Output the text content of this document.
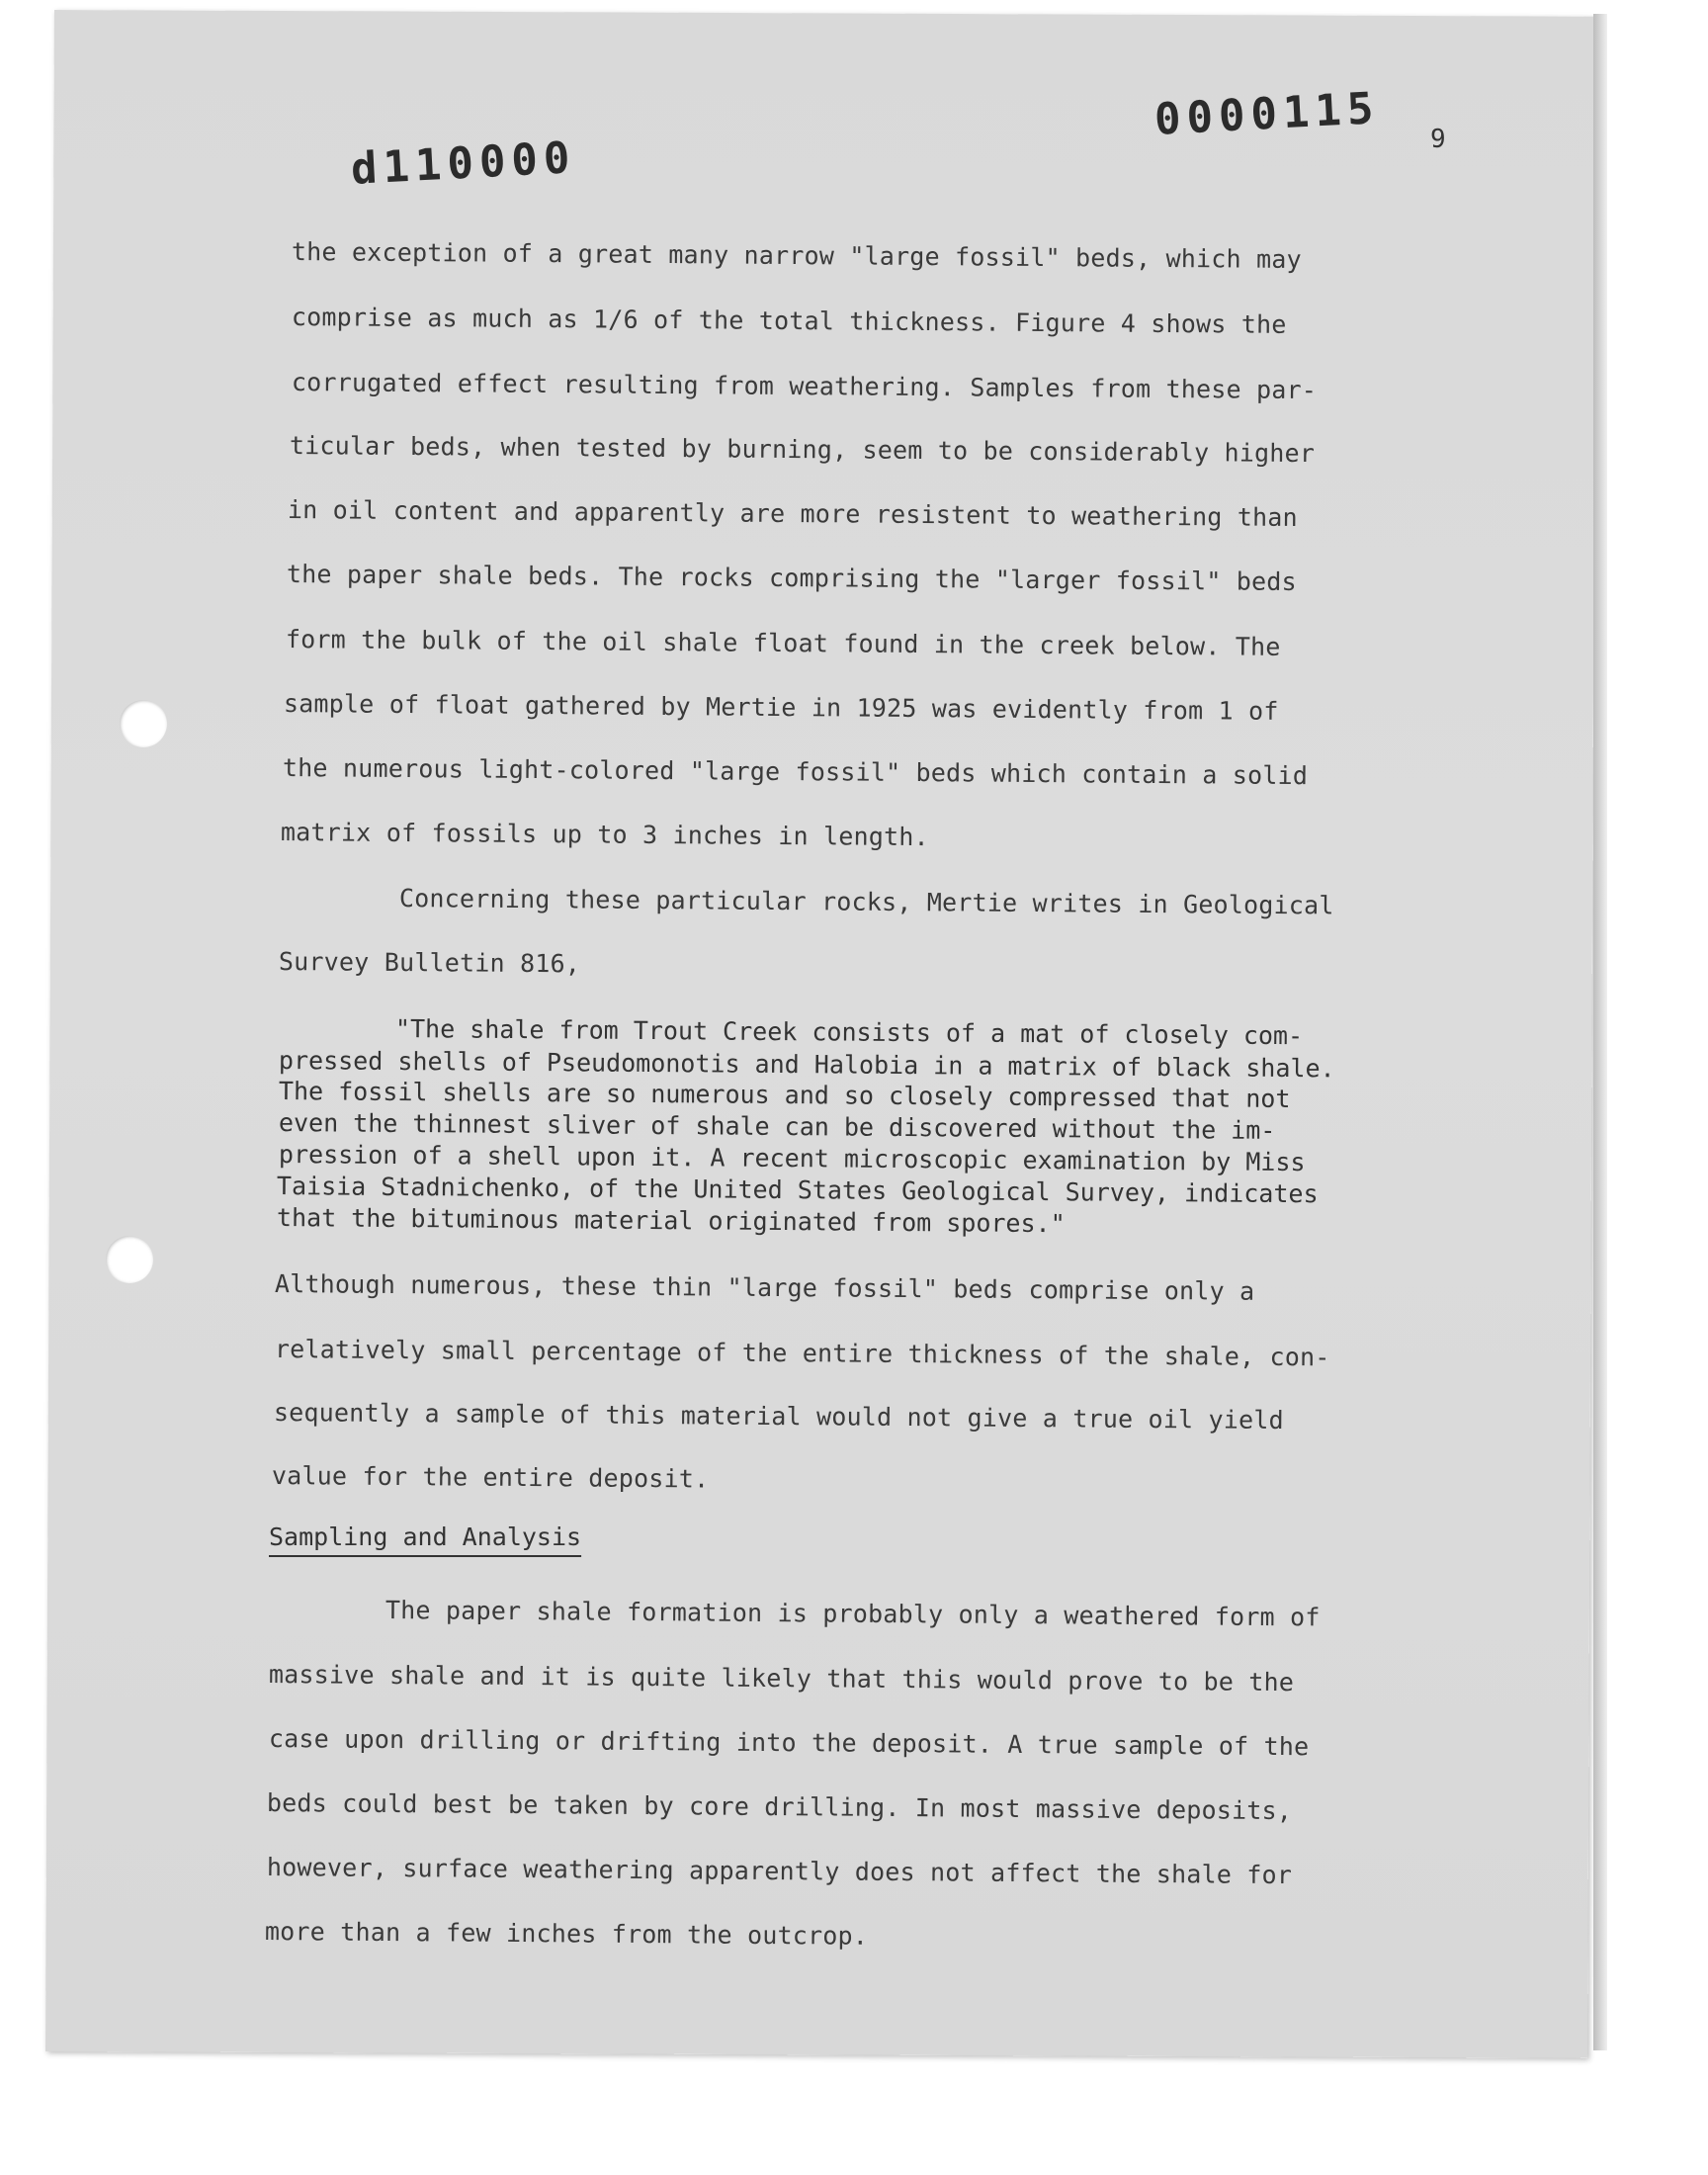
d110000
0000115 9
the exception of a great many narrow "large fossil" beds, which may
comprise as much as 1/6 of the total thickness. Figure 4 shows the
corrugated effect resulting from weathering. Samples from these par-
ticular beds, when tested by burning, seem to be considerably higher
in oil content and apparently are more resistent to weathering than
the paper shale beds. The rocks comprising the "larger fossil" beds
form the bulk of the oil shale float found in the creek below. The
sample of float gathered by Mertie in 1925 was evidently from 1 of
the numerous light-colored "large fossil" beds which contain a solid
matrix of fossils up to 3 inches in length.
Concerning these particular rocks, Mertie writes in Geological
Survey Bulletin 816,
"The shale from Trout Creek consists of a mat of closely com-
pressed shells of Pseudomonotis and Halobia in a matrix of black shale.
The fossil shells are so numerous and so closely compressed that not
even the thinnest sliver of shale can be discovered without the im-
pression of a shell upon it. A recent microscopic examination by Miss
Taisia Stadnichenko, of the United States Geological Survey, indicates
that the bituminous material originated from spores."
Although numerous, these thin "large fossil" beds comprise only a
relatively small percentage of the entire thickness of the shale, con-
sequently a sample of this material would not give a true oil yield
value for the entire deposit.
Sampling and Analysis
The paper shale formation is probably only a weathered form of
massive shale and it is quite likely that this would prove to be the
case upon drilling or drifting into the deposit. A true sample of the
beds could best be taken by core drilling. In most massive deposits,
however, surface weathering apparently does not affect the shale for
more than a few inches from the outcrop.
